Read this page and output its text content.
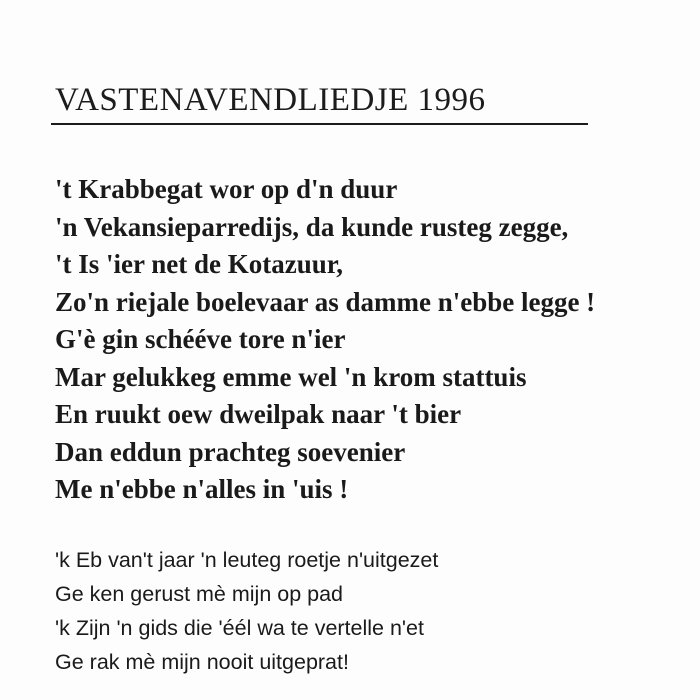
VASTENAVENDLIEDJE 1996
't Krabbegat wor op d'n duur
'n Vekansieparredijs, da kunde rusteg zegge,
't Is 'ier net de Kotazuur,
Zo'n riejale boelevaar as damme n'ebbe legge !
G'è gin schééve tore n'ier
Mar gelukkeg emme wel 'n krom stattuis
En ruukt oew dweilpak naar 't bier
Dan eddun prachteg soevenier
Me n'ebbe n'alles in 'uis !
'k Eb van't jaar 'n leuteg roetje n'uitgezet
Ge ken gerust mè mijn op pad
'k Zijn 'n gids die 'éél wa te vertelle n'et
Ge rak mè mijn nooit uitgeprat!
